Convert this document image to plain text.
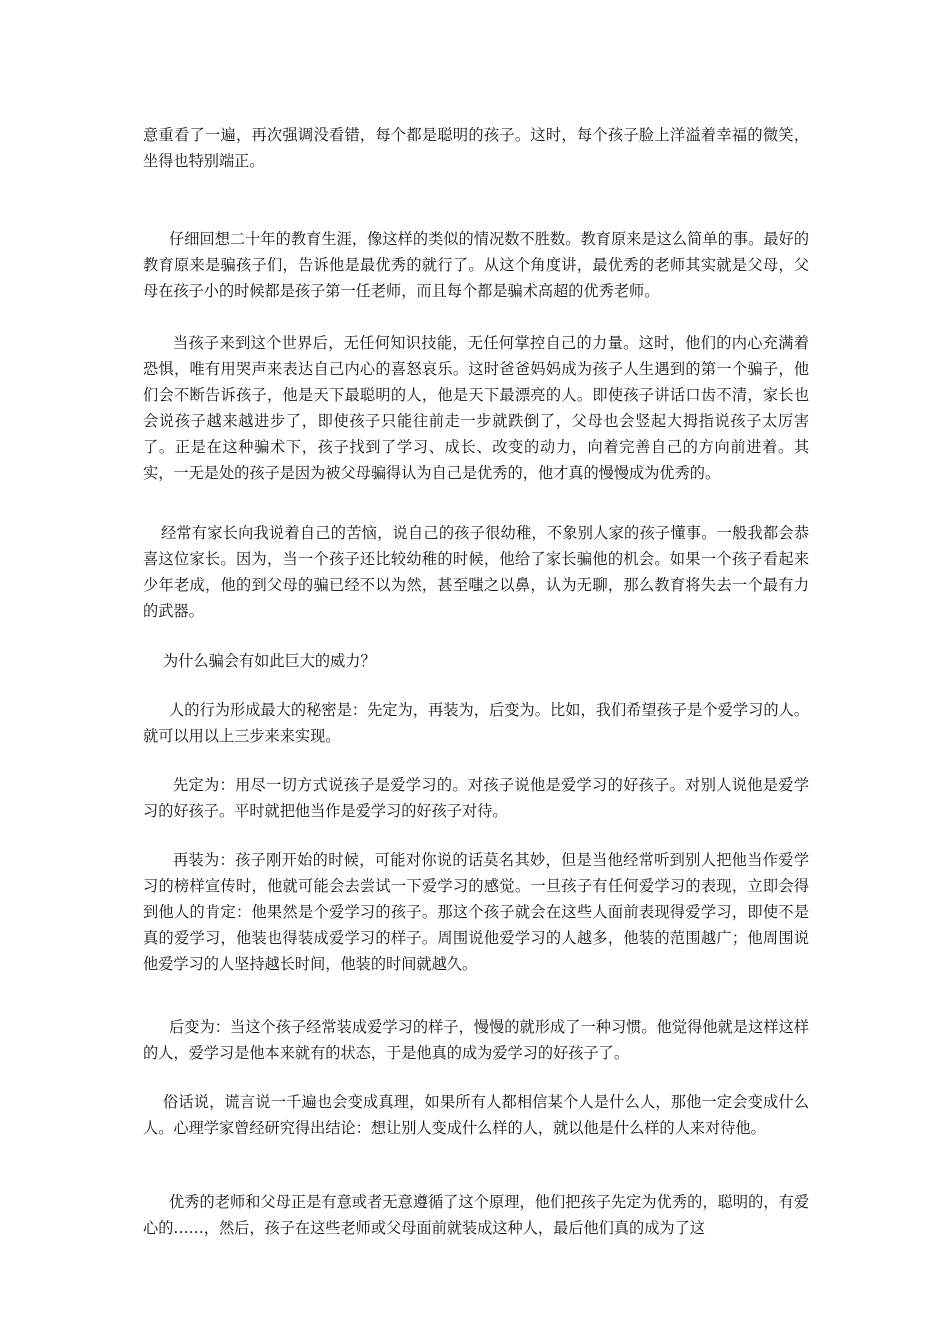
意重看了一遍，再次强调没看错，每个都是聪明的孩子。这时，每个孩子脸上洋溢着幸福的微笑，坐得也特别端正。

仔细回想二十年的教育生涯，像这样的类似的情况数不胜数。教育原来是这么简单的事。最好的教育原来是骗孩子们，告诉他是最优秀的就行了。从这个角度讲，最优秀的老师其实就是父母，父母在孩子小的时候都是孩子第一任老师，而且每个都是骗术高超的优秀老师。

当孩子来到这个世界后，无任何知识技能，无任何掌控自己的力量。这时，他们的内心充满着恐惧，唯有用哭声来表达自己内心的喜怒哀乐。这时爸爸妈妈成为孩子人生遇到的第一个骗子，他们会不断告诉孩子，他是天下最聪明的人，他是天下最漂亮的人。即使孩子讲话口齿不清，家长也会说孩子越来越进步了，即使孩子只能往前走一步就跌倒了，父母也会竖起大拇指说孩子太厉害了。正是在这种骗术下，孩子找到了学习、成长、改变的动力，向着完善自己的方向前进着。其实，一无是处的孩子是因为被父母骗得认为自己是优秀的，他才真的慢慢成为优秀的。

经常有家长向我说着自己的苦恼，说自己的孩子很幼稚，不象别人家的孩子懂事。一般我都会恭喜这位家长。因为，当一个孩子还比较幼稚的时候，他给了家长骗他的机会。如果一个孩子看起来少年老成，他的到父母的骗已经不以为然，甚至嗤之以鼻，认为无聊，那么教育将失去一个最有力的武器。

为什么骗会有如此巨大的威力？

人的行为形成最大的秘密是：先定为，再装为，后变为。比如，我们希望孩子是个爱学习的人。就可以用以上三步来来实现。

先定为：用尽一切方式说孩子是爱学习的。对孩子说他是爱学习的好孩子。对别人说他是爱学习的好孩子。平时就把他当作是爱学习的好孩子对待。

再装为：孩子刚开始的时候，可能对你说的话莫名其妙，但是当他经常听到别人把他当作爱学习的榜样宣传时，他就可能会去尝试一下爱学习的感觉。一旦孩子有任何爱学习的表现，立即会得到他人的肯定：他果然是个爱学习的孩子。那这个孩子就会在这些人面前表现得爱学习，即使不是真的爱学习，他装也得装成爱学习的样子。周围说他爱学习的人越多，他装的范围越广；他周围说他爱学习的人坚持越长时间，他装的时间就越久。

后变为：当这个孩子经常装成爱学习的样子，慢慢的就形成了一种习惯。他觉得他就是这样这样的人，爱学习是他本来就有的状态，于是他真的成为爱学习的好孩子了。

俗话说，谎言说一千遍也会变成真理，如果所有人都相信某个人是什么人，那他一定会变成什么人。心理学家曾经研究得出结论：想让别人变成什么样的人，就以他是什么样的人来对待他。

优秀的老师和父母正是有意或者无意遵循了这个原理，他们把孩子先定为优秀的，聪明的，有爱心的……，然后，孩子在这些老师或父母面前就装成这种人，最后他们真的成为了这
